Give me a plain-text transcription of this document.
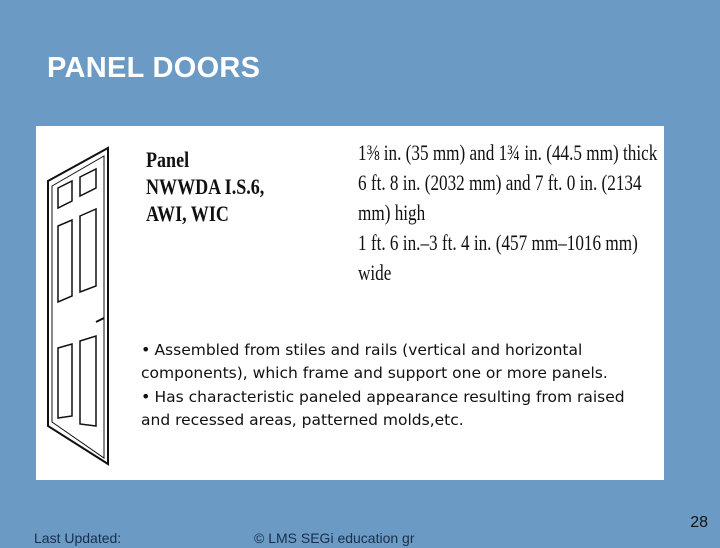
PANEL DOORS
Panel
NWWDA I.S.6,
AWI, WIC
1⅜ in. (35 mm) and 1¾ in. (44.5 mm) thick
6 ft. 8 in. (2032 mm) and 7 ft. 0 in. (2134
mm) high
1 ft. 6 in.–3 ft. 4 in. (457 mm–1016 mm)
wide
• Assembled from stiles and rails (vertical and horizontal components), which frame and support one or more panels.
• Has characteristic paneled appearance resulting from raised and recessed areas, patterned molds,etc.
Last Updated:	© LMS SEGi education gr
28
